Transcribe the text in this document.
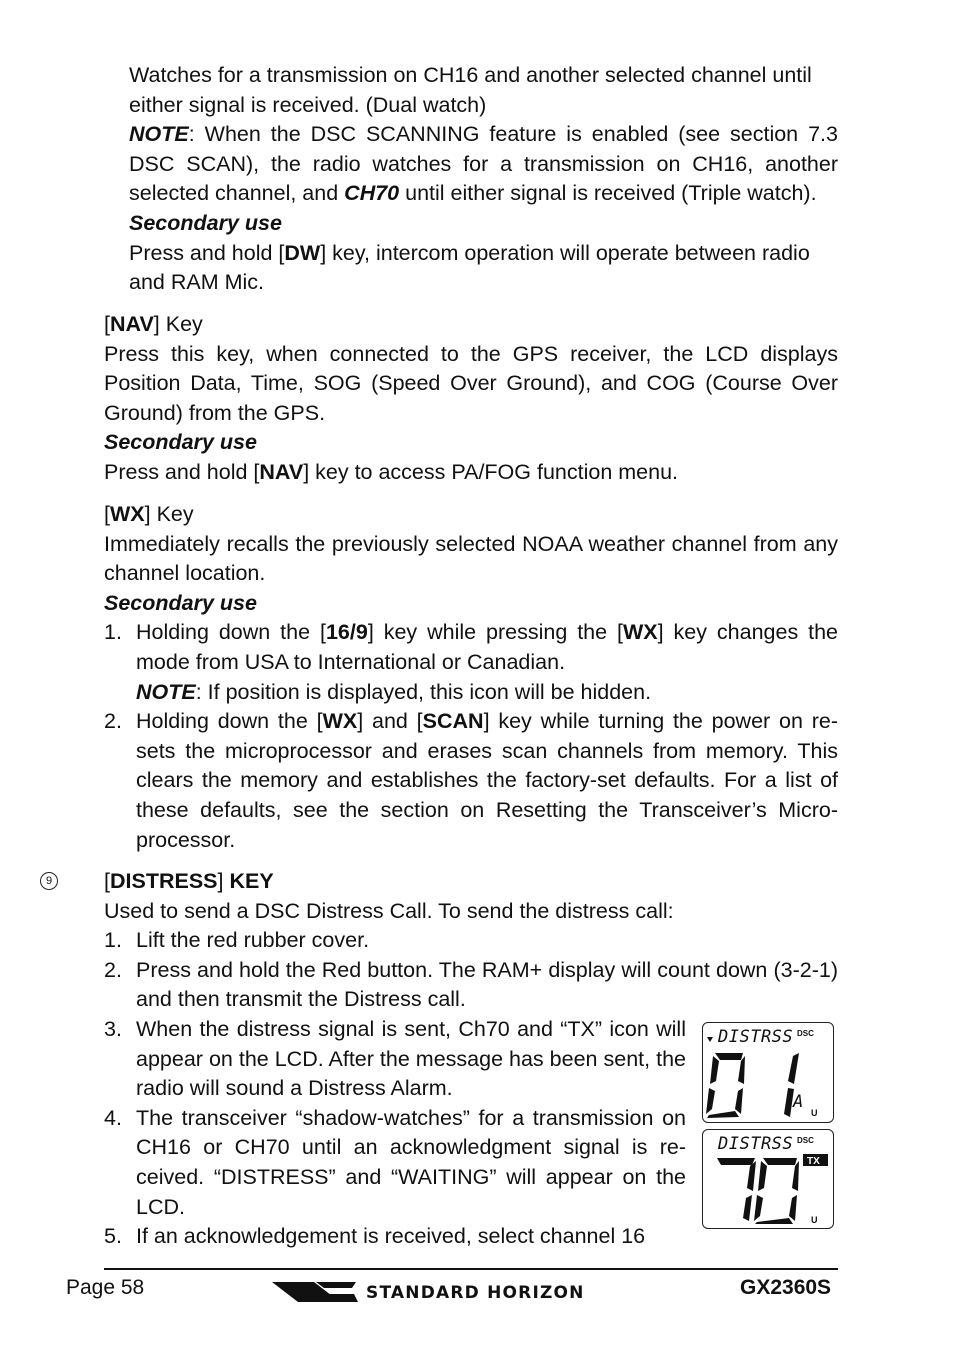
Watches for a transmission on CH16 and another selected channel until either signal is received. (Dual watch)

NOTE: When the DSC SCANNING feature is enabled (see section 7.3 DSC SCAN), the radio watches for a transmission on CH16, another selected channel, and CH70 until either signal is received (Triple watch).

Secondary use

Press and hold [DW] key, intercom operation will operate between radio and RAM Mic.

[NAV] Key

Press this key, when connected to the GPS receiver, the LCD displays Position Data, Time, SOG (Speed Over Ground), and COG (Course Over Ground) from the GPS.

Secondary use

Press and hold [NAV] key to access PA/FOG function menu.

[WX] Key

Immediately recalls the previously selected NOAA weather channel from any channel location.

Secondary use

1. Holding down the [16/9] key while pressing the [WX] key changes the mode from USA to International or Canadian.

NOTE: If position is displayed, this icon will be hidden.

2. Holding down the [WX] and [SCAN] key while turning the power on re-sets the microprocessor and erases scan channels from memory. This clears the memory and establishes the factory-set defaults. For a list of these defaults, see the section on Resetting the Transceiver’s Micro-processor.

9 [DISTRESS] KEY

Used to send a DSC Distress Call. To send the distress call:

1. Lift the red rubber cover.

2. Press and hold the Red button. The RAM+ display will count down (3-2-1) and then transmit the Distress call.

3. When the distress signal is sent, Ch70 and “TX” icon will appear on the LCD. After the message has been sent, the radio will sound a Distress Alarm.

4. The transceiver “shadow-watches” for a transmission on CH16 or CH70 until an acknowledgment signal is re-ceived. “DISTRESS” and “WAITING” will appear on the LCD.

5. If an acknowledgement is received, select channel 16

DISTRSS DSC
A
U
DISTRSS DSC
TX
U
Page 58	STANDARD HORIZON	GX2360S
